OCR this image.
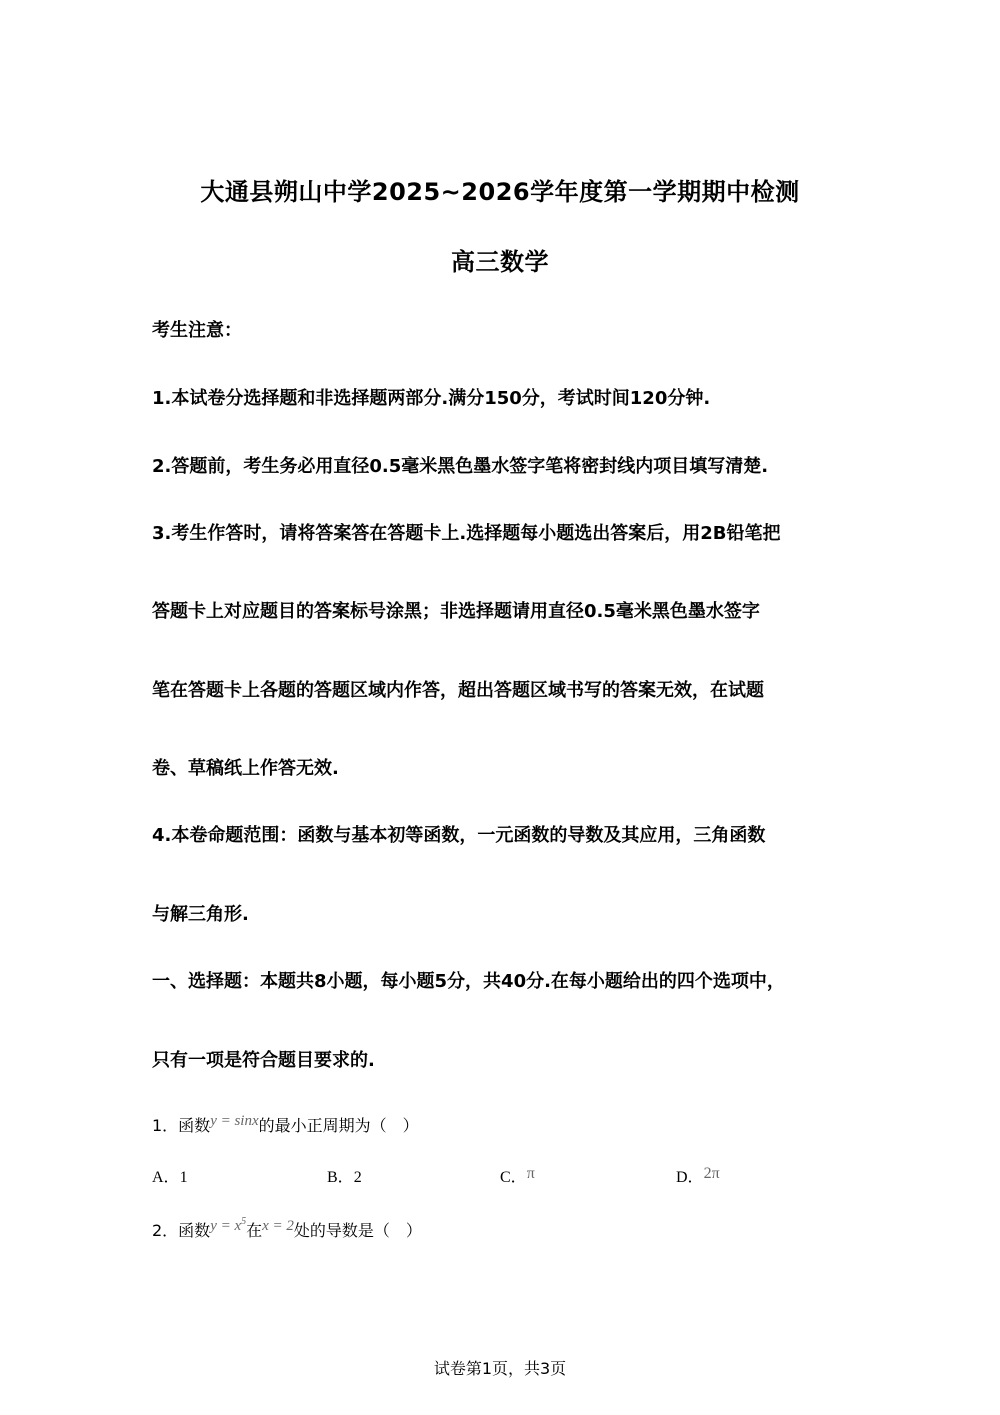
大通县朔山中学2025~2026学年度第一学期期中检测
高三数学
考生注意：
1.本试卷分选择题和非选择题两部分.满分150分，考试时间120分钟.
2.答题前，考生务必用直径0.5毫米黑色墨水签字笔将密封线内项目填写清楚.
3.考生作答时，请将答案答在答题卡上.选择题每小题选出答案后，用2B铅笔把
答题卡上对应题目的答案标号涂黑；非选择题请用直径0.5毫米黑色墨水签字
笔在答题卡上各题的答题区域内作答，超出答题区域书写的答案无效，在试题
卷、草稿纸上作答无效.
4.本卷命题范围：函数与基本初等函数，一元函数的导数及其应用，三角函数
与解三角形.
一、选择题：本题共8小题，每小题5分，共40分.在每小题给出的四个选项中，
只有一项是符合题目要求的.
1．函数y = sinx的最小正周期为（　）
A．1	B．2	C．π	D．2π
2．函数$y = x^5$在x = 2处的导数是（　）
试卷第1页，共3页
